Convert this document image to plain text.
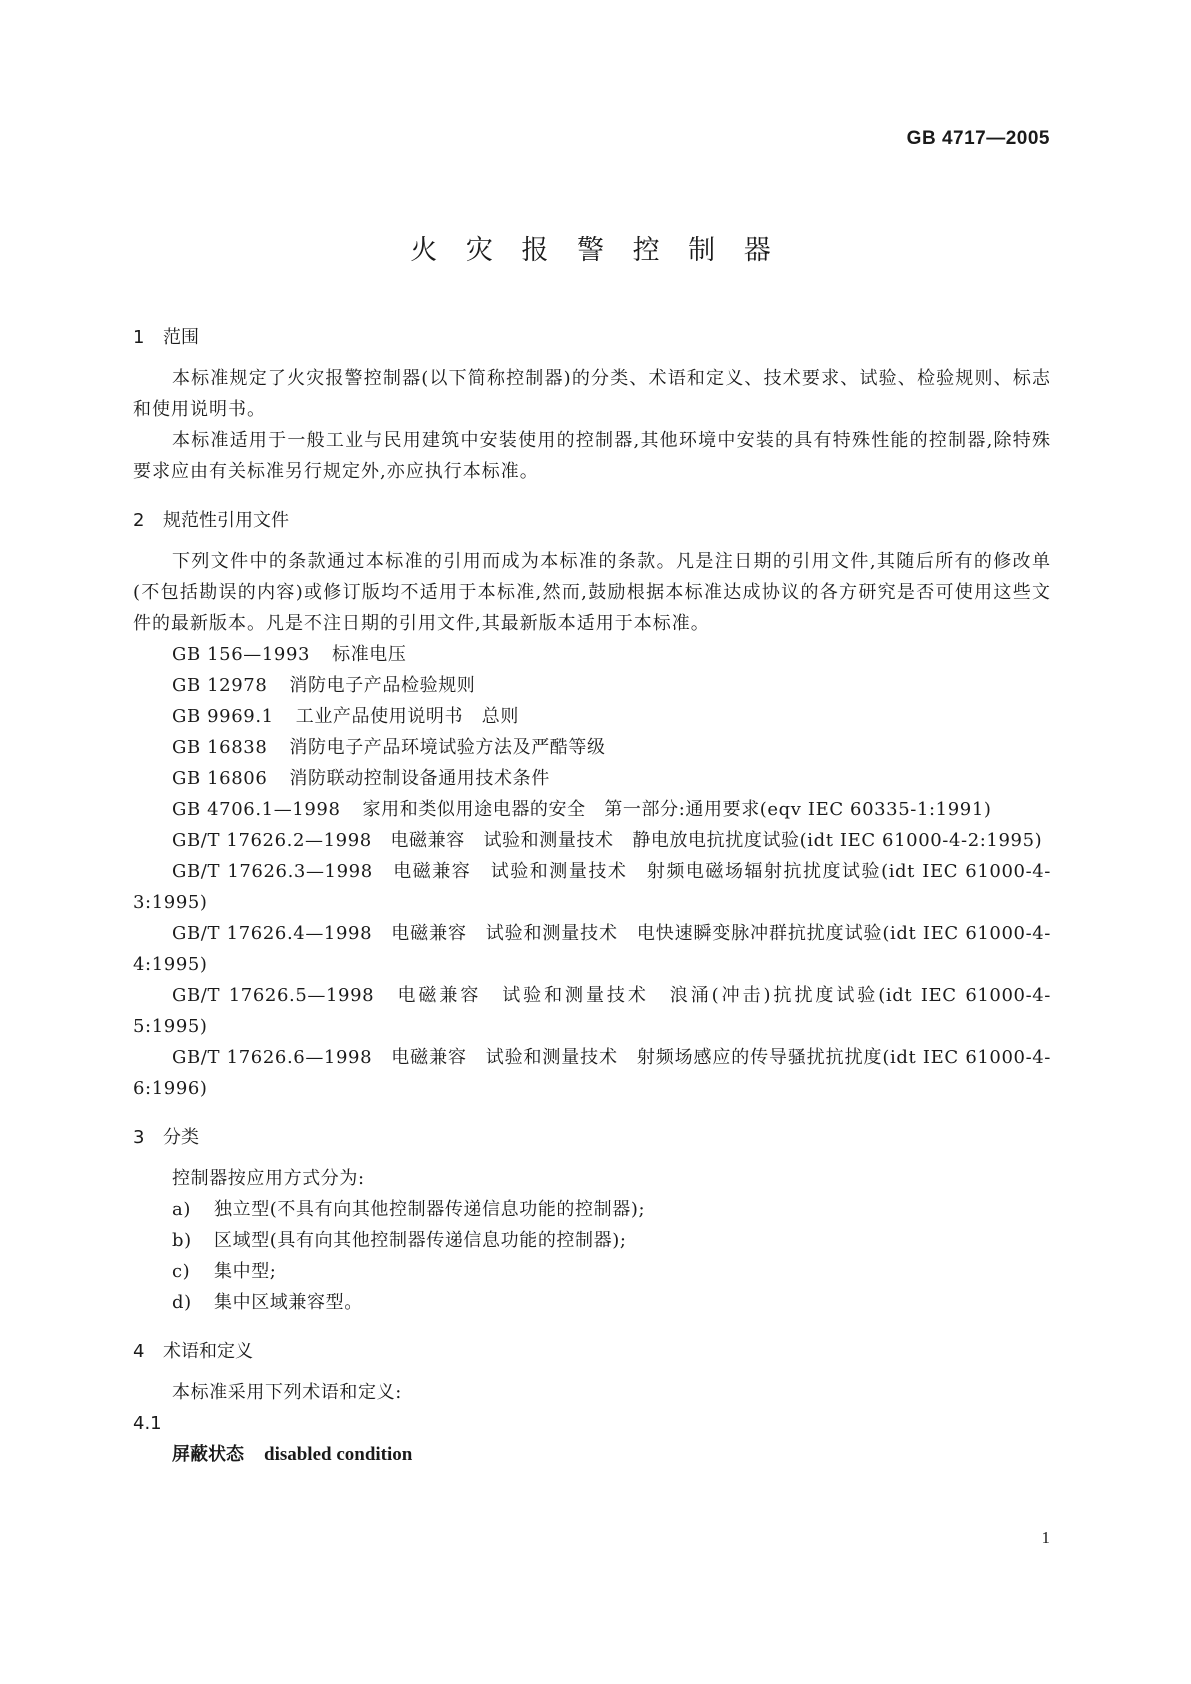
GB 4717—2005
火 灾 报 警 控 制 器
1 范围

本标准规定了火灾报警控制器(以下简称控制器)的分类、术语和定义、技术要求、试验、检验规则、标志和使用说明书。

本标准适用于一般工业与民用建筑中安装使用的控制器,其他环境中安装的具有特殊性能的控制器,除特殊要求应由有关标准另行规定外,亦应执行本标准。

2 规范性引用文件

下列文件中的条款通过本标准的引用而成为本标准的条款。凡是注日期的引用文件,其随后所有的修改单(不包括勘误的内容)或修订版均不适用于本标准,然而,鼓励根据本标准达成协议的各方研究是否可使用这些文件的最新版本。凡是不注日期的引用文件,其最新版本适用于本标准。

GB 156—1993 标准电压

GB 12978 消防电子产品检验规则

GB 9969.1 工业产品使用说明书　总则

GB 16838 消防电子产品环境试验方法及严酷等级

GB 16806 消防联动控制设备通用技术条件

GB 4706.1—1998 家用和类似用途电器的安全　第一部分:通用要求(eqv IEC 60335-1:1991)

GB/T 17626.2—1998　电磁兼容　试验和测量技术　静电放电抗扰度试验(idt IEC 61000-4-2:1995)

GB/T 17626.3—1998　电磁兼容　试验和测量技术　射频电磁场辐射抗扰度试验(idt IEC 61000-4-3:1995)

GB/T 17626.4—1998　电磁兼容　试验和测量技术　电快速瞬变脉冲群抗扰度试验(idt IEC 61000-4-4:1995)

GB/T 17626.5—1998　电磁兼容　试验和测量技术　浪涌(冲击)抗扰度试验(idt IEC 61000-4-5:1995)

GB/T 17626.6—1998　电磁兼容　试验和测量技术　射频场感应的传导骚扰抗扰度(idt IEC 61000-4-6:1996)

3 分类

控制器按应用方式分为:

a) 独立型(不具有向其他控制器传递信息功能的控制器);

b) 区域型(具有向其他控制器传递信息功能的控制器);

c) 集中型;

d) 集中区域兼容型。

4 术语和定义

本标准采用下列术语和定义:

4.1

屏蔽状态 disabled condition

1
